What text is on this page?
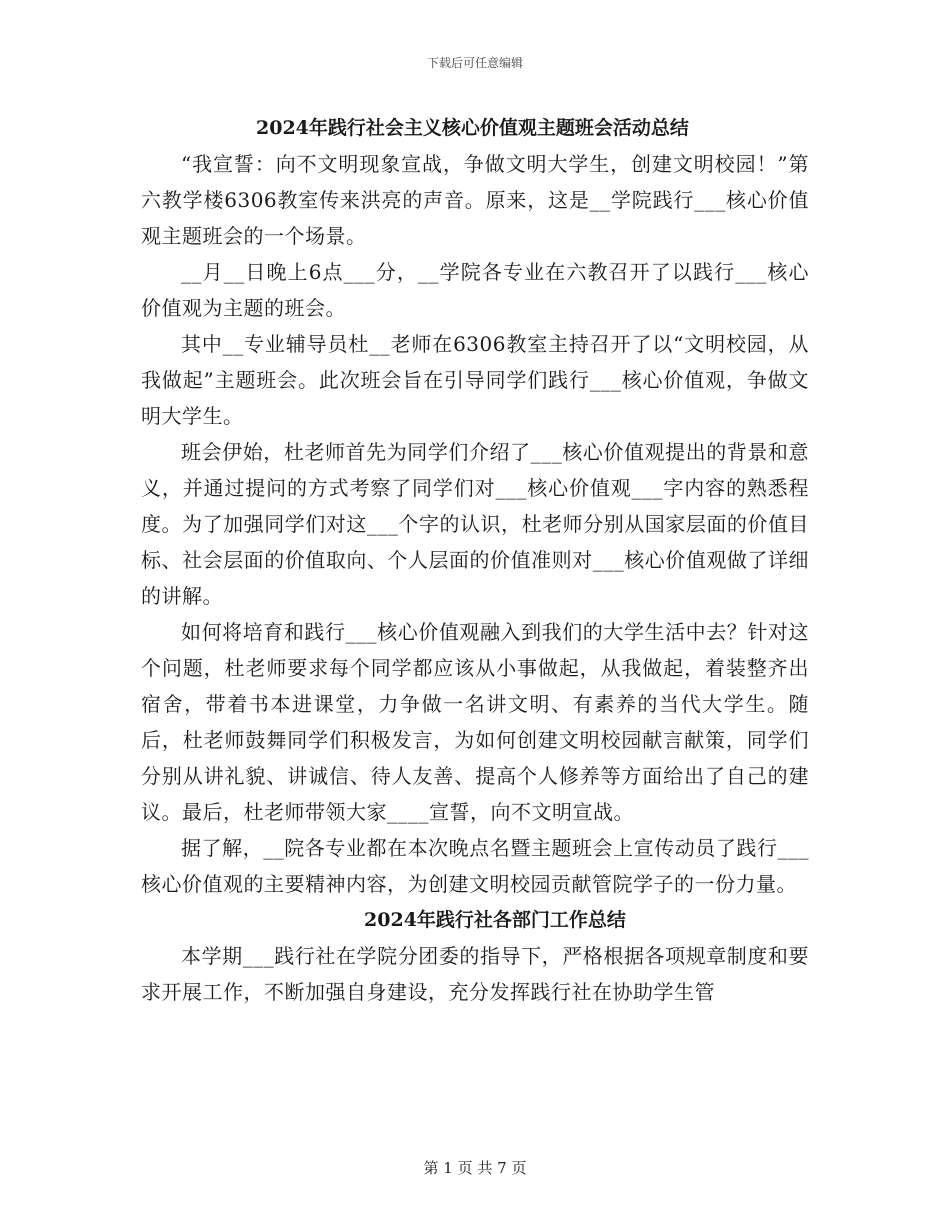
下载后可任意编辑
2024年践行社会主义核心价值观主题班会活动总结

“我宣誓：向不文明现象宣战，争做文明大学生，创建文明校园！”第六教学楼6306教室传来洪亮的声音。原来，这是__学院践行___核心价值观主题班会的一个场景。

__月__日晚上6点___分，__学院各专业在六教召开了以践行___核心价值观为主题的班会。

其中__专业辅导员杜__老师在6306教室主持召开了以“文明校园，从我做起”主题班会。此次班会旨在引导同学们践行___核心价值观，争做文明大学生。

班会伊始，杜老师首先为同学们介绍了___核心价值观提出的背景和意义，并通过提问的方式考察了同学们对___核心价值观___字内容的熟悉程度。为了加强同学们对这___个字的认识，杜老师分别从国家层面的价值目标、社会层面的价值取向、个人层面的价值准则对___核心价值观做了详细的讲解。

如何将培育和践行___核心价值观融入到我们的大学生活中去？针对这个问题，杜老师要求每个同学都应该从小事做起，从我做起，着装整齐出宿舍，带着书本进课堂，力争做一名讲文明、有素养的当代大学生。随后，杜老师鼓舞同学们积极发言，为如何创建文明校园献言献策，同学们分别从讲礼貌、讲诚信、待人友善、提高个人修养等方面给出了自己的建议。最后，杜老师带领大家____宣誓，向不文明宣战。

据了解，__院各专业都在本次晚点名暨主题班会上宣传动员了践行___核心价值观的主要精神内容，为创建文明校园贡献管院学子的一份力量。

2024年践行社各部门工作总结

本学期___践行社在学院分团委的指导下，严格根据各项规章制度和要求开展工作，不断加强自身建设，充分发挥践行社在协助学生管

第 1 页 共 7 页
